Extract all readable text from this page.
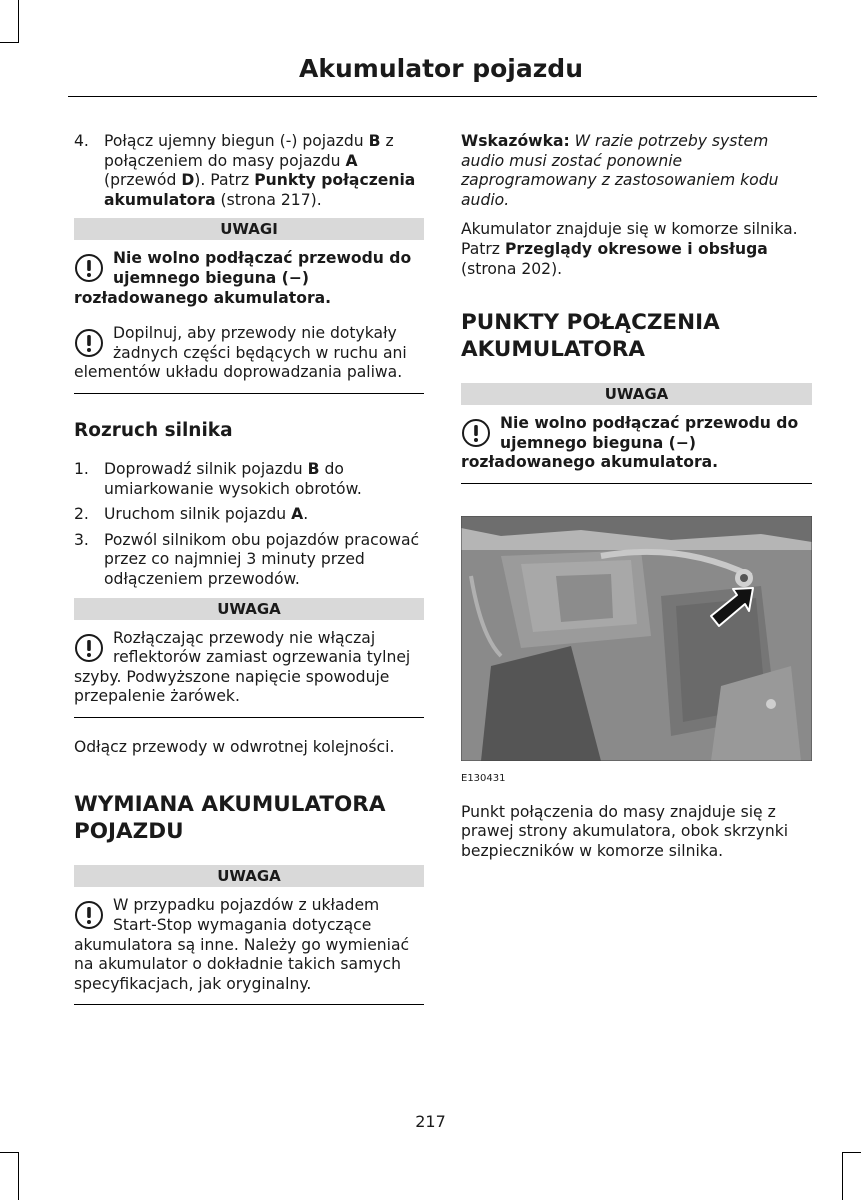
Akumulator pojazdu
4. Połącz ujemny biegun (-) pojazdu B z połączeniem do masy pojazdu A (przewód D). Patrz Punkty połączenia akumulatora (strona 217).
UWAGI

Nie wolno podłączać przewodu do ujemnego bieguna (−) rozładowanego akumulatora.

Dopilnuj, aby przewody nie dotykały żadnych części będących w ruchu ani elementów układu doprowadzania paliwa.

Rozruch silnika
1. Doprowadź silnik pojazdu B do umiarkowanie wysokich obrotów.
2. Uruchom silnik pojazdu A.
3. Pozwól silnikom obu pojazdów pracować przez co najmniej 3 minuty przed odłączeniem przewodów.
UWAGA

Rozłączając przewody nie włączaj reflektorów zamiast ogrzewania tylnej szyby. Podwyższone napięcie spowoduje przepalenie żarówek.

Odłącz przewody w odwrotnej kolejności.

WYMIANA AKUMULATORA POJAZDU
UWAGA

W przypadku pojazdów z układem Start-Stop wymagania dotyczące akumulatora są inne. Należy go wymieniać na akumulator o dokładnie takich samych specyfikacjach, jak oryginalny.

Wskazówka: W razie potrzeby system audio musi zostać ponownie zaprogramowany z zastosowaniem kodu audio.

Akumulator znajduje się w komorze silnika. Patrz Przeglądy okresowe i obsługa (strona 202).

PUNKTY POŁĄCZENIA AKUMULATORA
UWAGA

Nie wolno podłączać przewodu do ujemnego bieguna (−) rozładowanego akumulatora.

E130431

Punkt połączenia do masy znajduje się z prawej strony akumulatora, obok skrzynki bezpieczników w komorze silnika.

217
